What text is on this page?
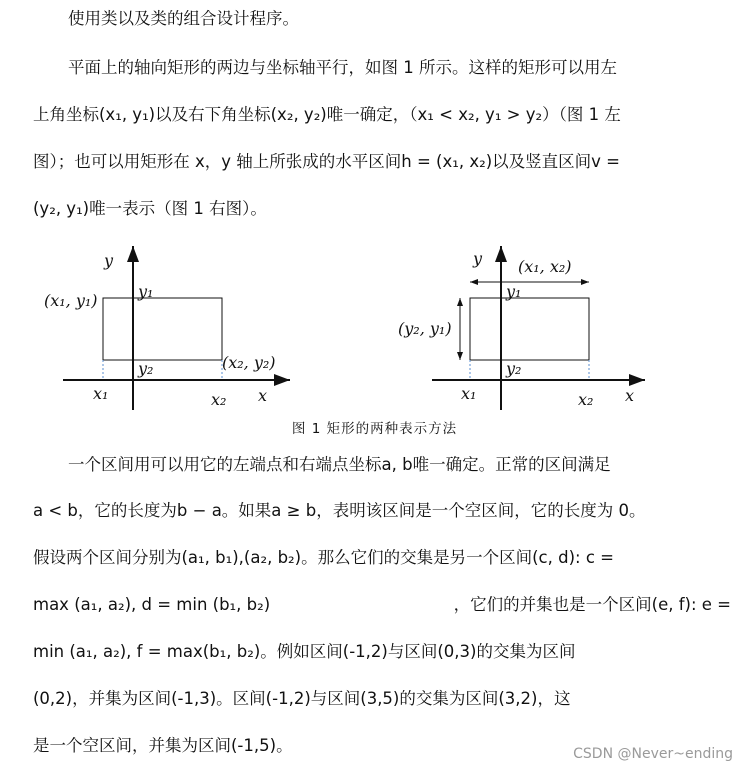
使用类以及类的组合设计程序。
平面上的轴向矩形的两边与坐标轴平行，如图 1 所示。这样的矩形可以用左
上角坐标(x₁, y₁)以及右下角坐标(x₂, y₂)唯一确定，（x₁ < x₂, y₁ > y₂）（图 1 左
图）；也可以用矩形在 x，y 轴上所张成的水平区间h = (x₁, x₂)以及竖直区间v =
(y₂, y₁)唯一表示（图 1 右图）。
y
(x₁, y₁)	y₁
y₂	(x₂, y₂)
x₁	x₂ x
y (x₁, x₂)
y₁
(y₂, y₁)
y₂
x₁	x₂ x
图 1 矩形的两种表示方法
一个区间用可以用它的左端点和右端点坐标a, b唯一确定。正常的区间满足
a < b，它的长度为b − a。如果a ≥ b，表明该区间是一个空区间，它的长度为 0。
假设两个区间分别为(a₁, b₁),(a₂, b₂)。那么它们的交集是另一个区间(c, d): c =
max (a₁, a₂), d = min (b₁, b₂)	，它们的并集也是一个区间(e, f): e =
min (a₁, a₂), f = max(b₁, b₂)。例如区间(-1,2)与区间(0,3)的交集为区间
(0,2)，并集为区间(-1,3)。区间(-1,2)与区间(3,5)的交集为区间(3,2)，这
是一个空区间，并集为区间(-1,5)。	CSDN @Never~ending
